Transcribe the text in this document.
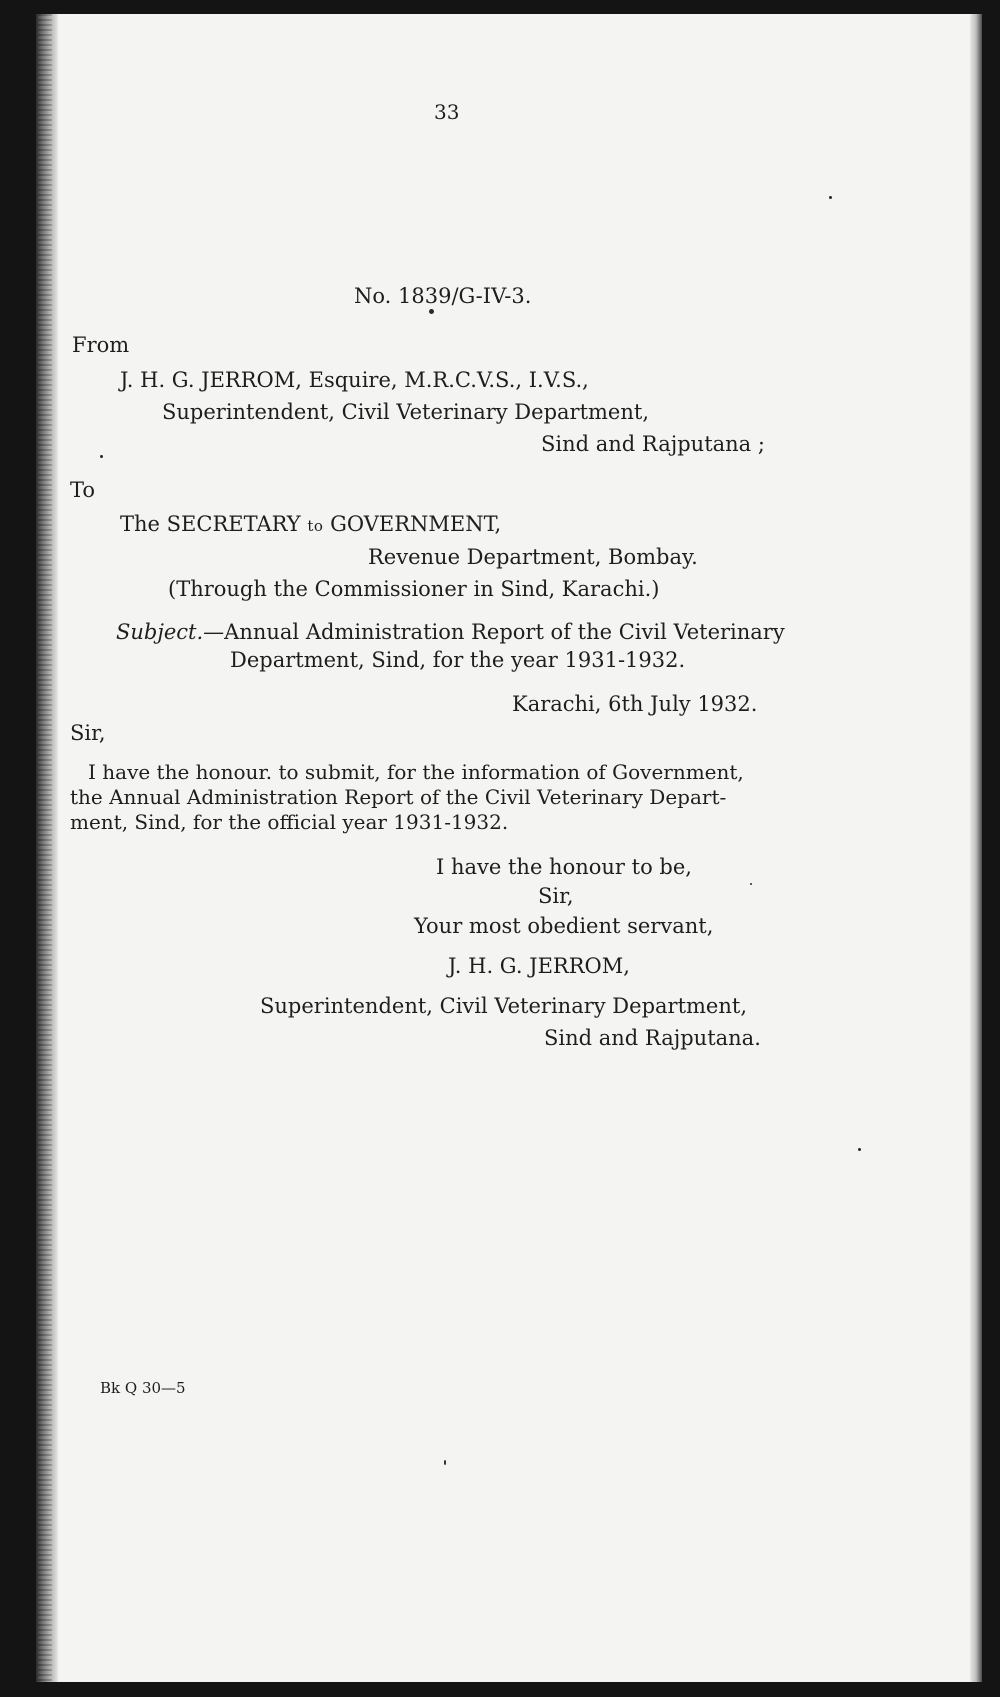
33
No. 1839/G-IV-3.
From
J. H. G. JERROM, Esquire, M.R.C.V.S., I.V.S.,
Superintendent, Civil Veterinary Department,
Sind and Rajputana ;
To
The SECRETARY to GOVERNMENT,
Revenue Department, Bombay.
(Through the Commissioner in Sind, Karachi.)
Subject.—Annual Administration Report of the Civil Veterinary
Department, Sind, for the year 1931-1932.
Karachi, 6th July 1932.
Sir,
I have the honour. to submit, for the information of Government,
the Annual Administration Report of the Civil Veterinary Depart-
ment, Sind, for the official year 1931-1932.
I have the honour to be,
Sir,
Your most obedient servant,
J. H. G. JERROM,
Superintendent, Civil Veterinary Department,
Sind and Rajputana.
Bk Q 30—5
